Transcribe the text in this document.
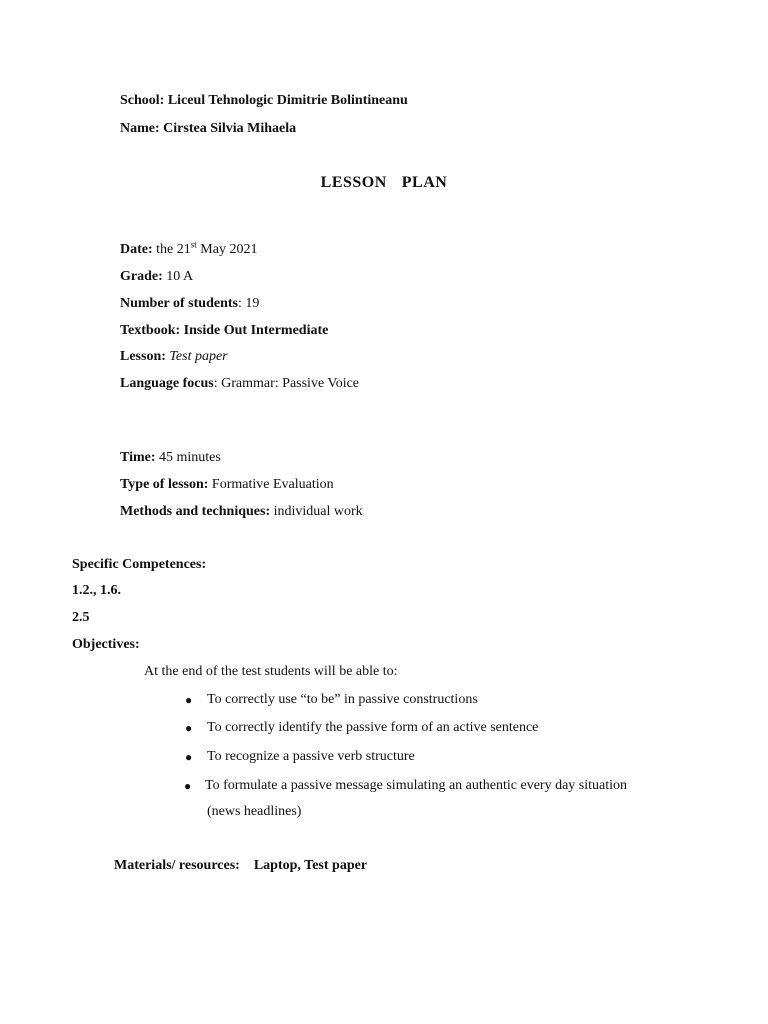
School: Liceul Tehnologic Dimitrie Bolintineanu
Name: Cirstea Silvia Mihaela
LESSON  PLAN
Date: the 21st May 2021
Grade: 10 A
Number of students: 19
Textbook: Inside Out Intermediate
Lesson: Test paper
Language focus: Grammar: Passive Voice
Time: 45 minutes
Type of lesson: Formative Evaluation
Methods and techniques: individual work
Specific Competences:
1.2., 1.6.
2.5
Objectives:
At the end of the test students will be able to:
● To correctly use “to be” in passive constructions
● To correctly identify the passive form of an active sentence
● To recognize a passive verb structure
● To formulate a passive message simulating an authentic every day situation
(news headlines)
Materials/ resources: Laptop, Test paper
